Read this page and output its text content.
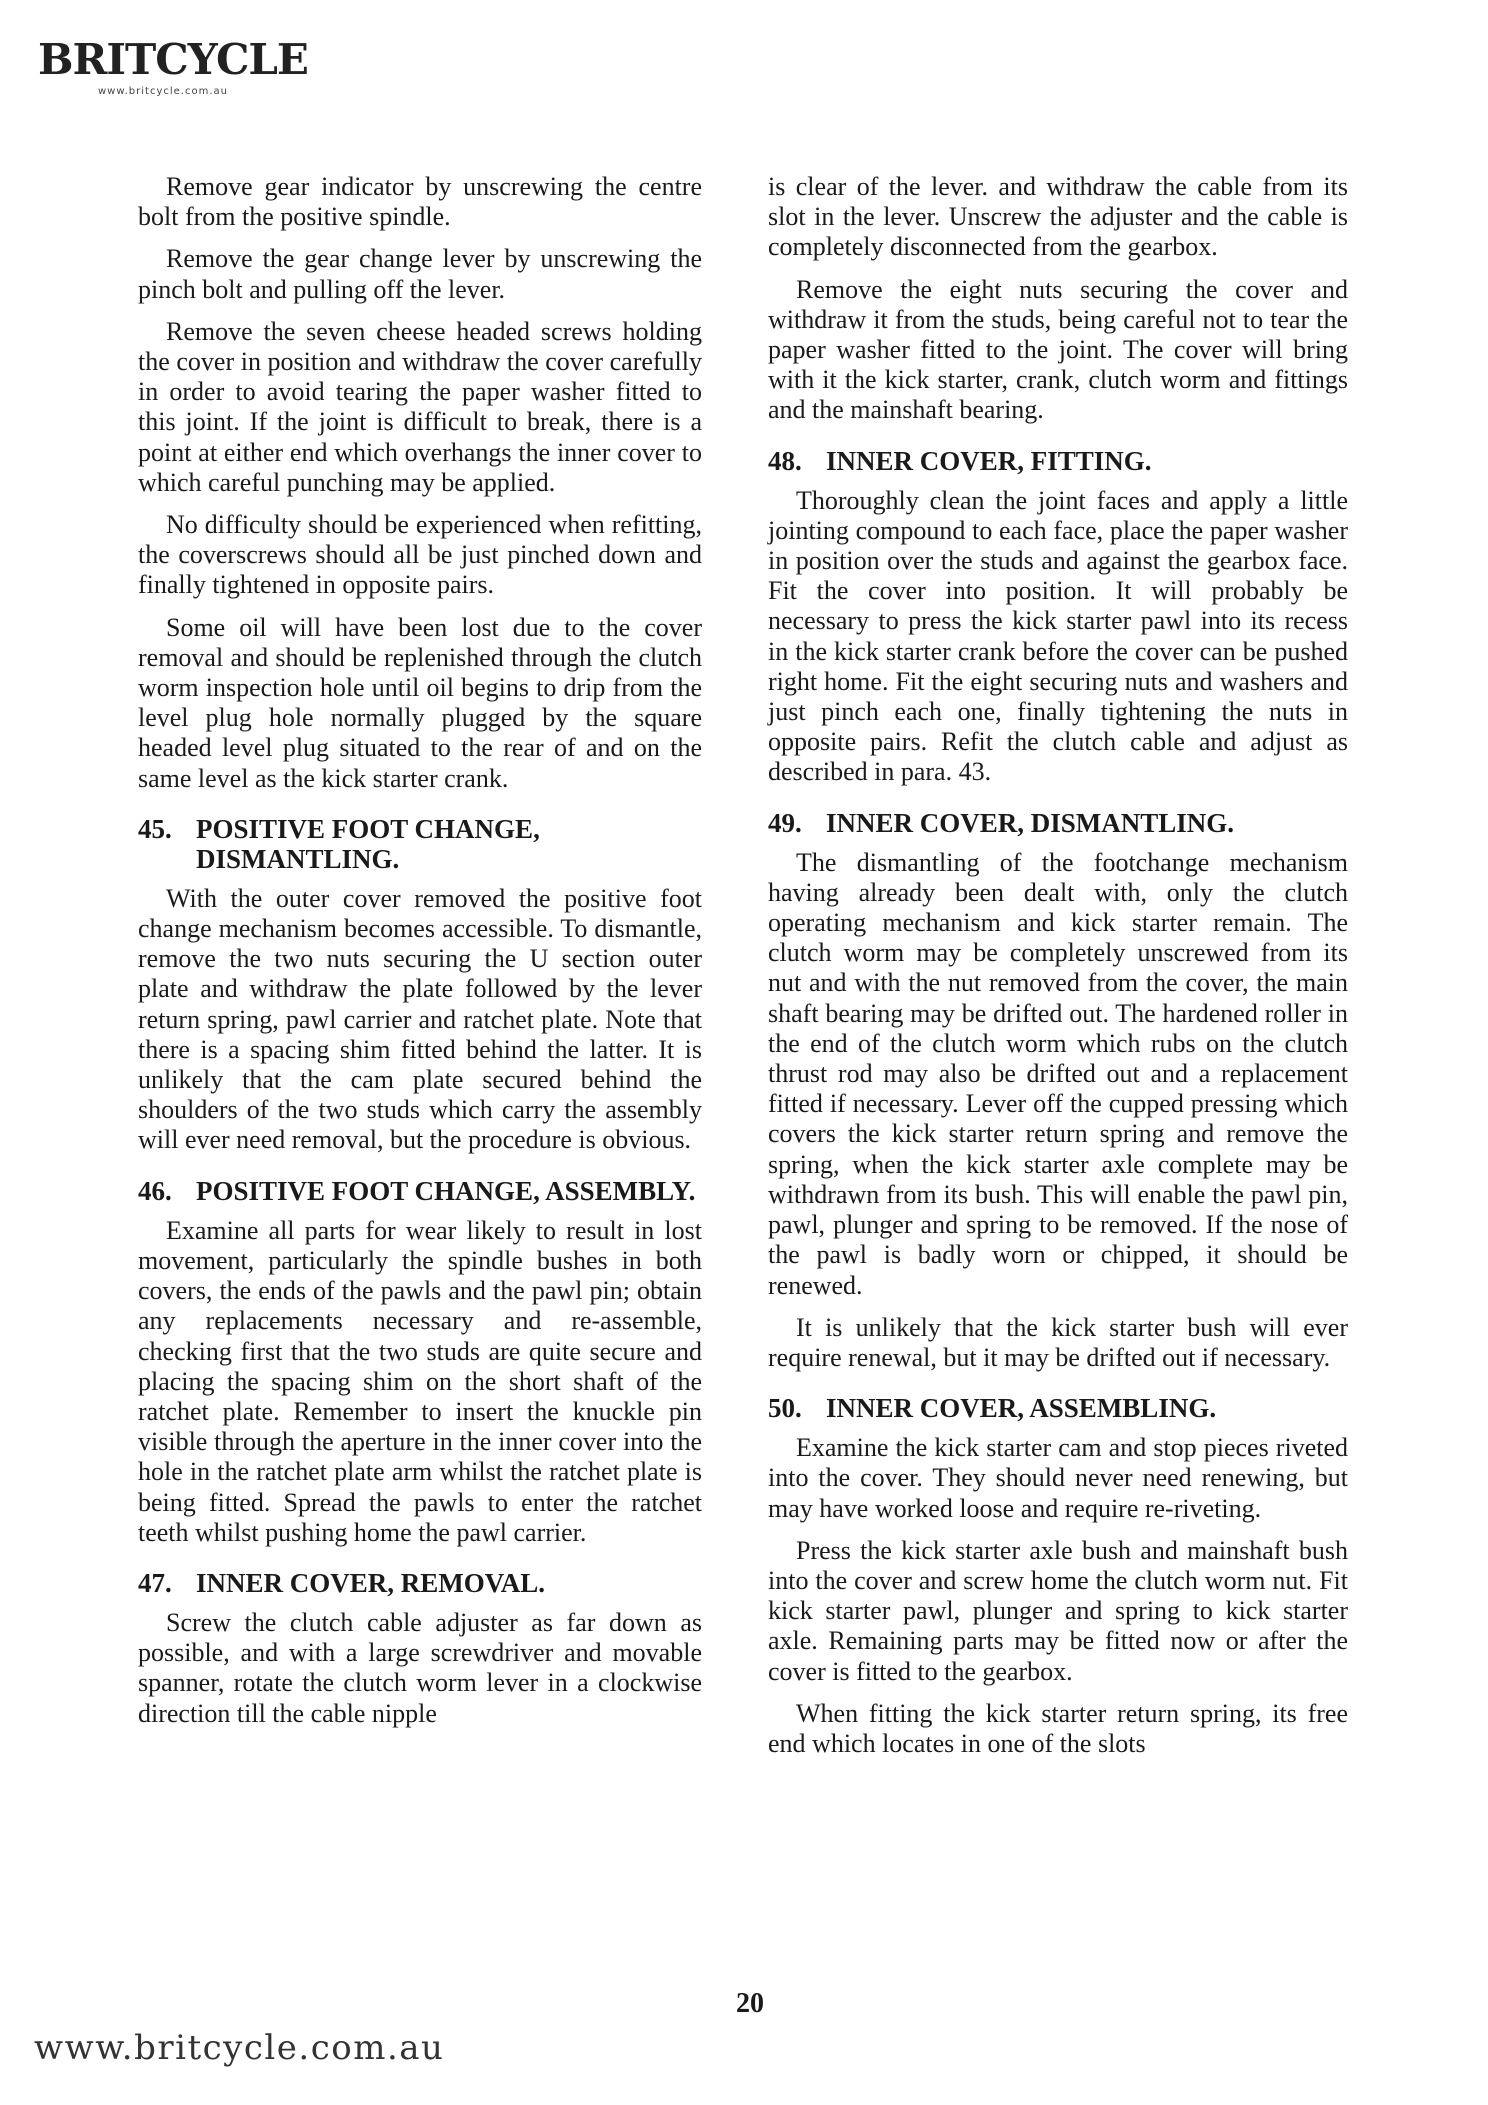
BRITCYCLE
www.britcycle.com.au

Remove gear indicator by unscrewing the centre bolt from the positive spindle.

Remove the gear change lever by unscrewing the pinch bolt and pulling off the lever.

Remove the seven cheese headed screws holding the cover in position and withdraw the cover carefully in order to avoid tearing the paper washer fitted to this joint. If the joint is difficult to break, there is a point at either end which overhangs the inner cover to which careful punching may be applied.

No difficulty should be experienced when refitting, the coverscrews should all be just pinched down and finally tightened in opposite pairs.

Some oil will have been lost due to the cover removal and should be replenished through the clutch worm inspection hole until oil begins to drip from the level plug hole normally plugged by the square headed level plug situated to the rear of and on the same level as the kick starter crank.

45. POSITIVE FOOT CHANGE, DISMANTLING.

With the outer cover removed the positive foot change mechanism becomes accessible. To dismantle, remove the two nuts securing the U section outer plate and withdraw the plate followed by the lever return spring, pawl carrier and ratchet plate. Note that there is a spacing shim fitted behind the latter. It is unlikely that the cam plate secured behind the shoulders of the two studs which carry the assembly will ever need removal, but the procedure is obvious.

46. POSITIVE FOOT CHANGE, ASSEMBLY.

Examine all parts for wear likely to result in lost movement, particularly the spindle bushes in both covers, the ends of the pawls and the pawl pin; obtain any replacements necessary and re-assemble, checking first that the two studs are quite secure and placing the spacing shim on the short shaft of the ratchet plate. Remember to insert the knuckle pin visible through the aperture in the inner cover into the hole in the ratchet plate arm whilst the ratchet plate is being fitted. Spread the pawls to enter the ratchet teeth whilst pushing home the pawl carrier.

47. INNER COVER, REMOVAL.

Screw the clutch cable adjuster as far down as possible, and with a large screwdriver and movable spanner, rotate the clutch worm lever in a clockwise direction till the cable nipple

is clear of the lever. and withdraw the cable from its slot in the lever. Unscrew the adjuster and the cable is completely disconnected from the gearbox.

Remove the eight nuts securing the cover and withdraw it from the studs, being careful not to tear the paper washer fitted to the joint. The cover will bring with it the kick starter, crank, clutch worm and fittings and the mainshaft bearing.

48. INNER COVER, FITTING.

Thoroughly clean the joint faces and apply a little jointing compound to each face, place the paper washer in position over the studs and against the gearbox face. Fit the cover into position. It will probably be necessary to press the kick starter pawl into its recess in the kick starter crank before the cover can be pushed right home. Fit the eight securing nuts and washers and just pinch each one, finally tightening the nuts in opposite pairs. Refit the clutch cable and adjust as described in para. 43.

49. INNER COVER, DISMANTLING.

The dismantling of the footchange mechanism having already been dealt with, only the clutch operating mechanism and kick starter remain. The clutch worm may be completely unscrewed from its nut and with the nut removed from the cover, the main shaft bearing may be drifted out. The hardened roller in the end of the clutch worm which rubs on the clutch thrust rod may also be drifted out and a replacement fitted if necessary. Lever off the cupped pressing which covers the kick starter return spring and remove the spring, when the kick starter axle complete may be withdrawn from its bush. This will enable the pawl pin, pawl, plunger and spring to be removed. If the nose of the pawl is badly worn or chipped, it should be renewed.

It is unlikely that the kick starter bush will ever require renewal, but it may be drifted out if necessary.

50. INNER COVER, ASSEMBLING.

Examine the kick starter cam and stop pieces riveted into the cover. They should never need renewing, but may have worked loose and require re-riveting.

Press the kick starter axle bush and mainshaft bush into the cover and screw home the clutch worm nut. Fit kick starter pawl, plunger and spring to kick starter axle. Remaining parts may be fitted now or after the cover is fitted to the gearbox.

When fitting the kick starter return spring, its free end which locates in one of the slots

20
www.britcycle.com.au
